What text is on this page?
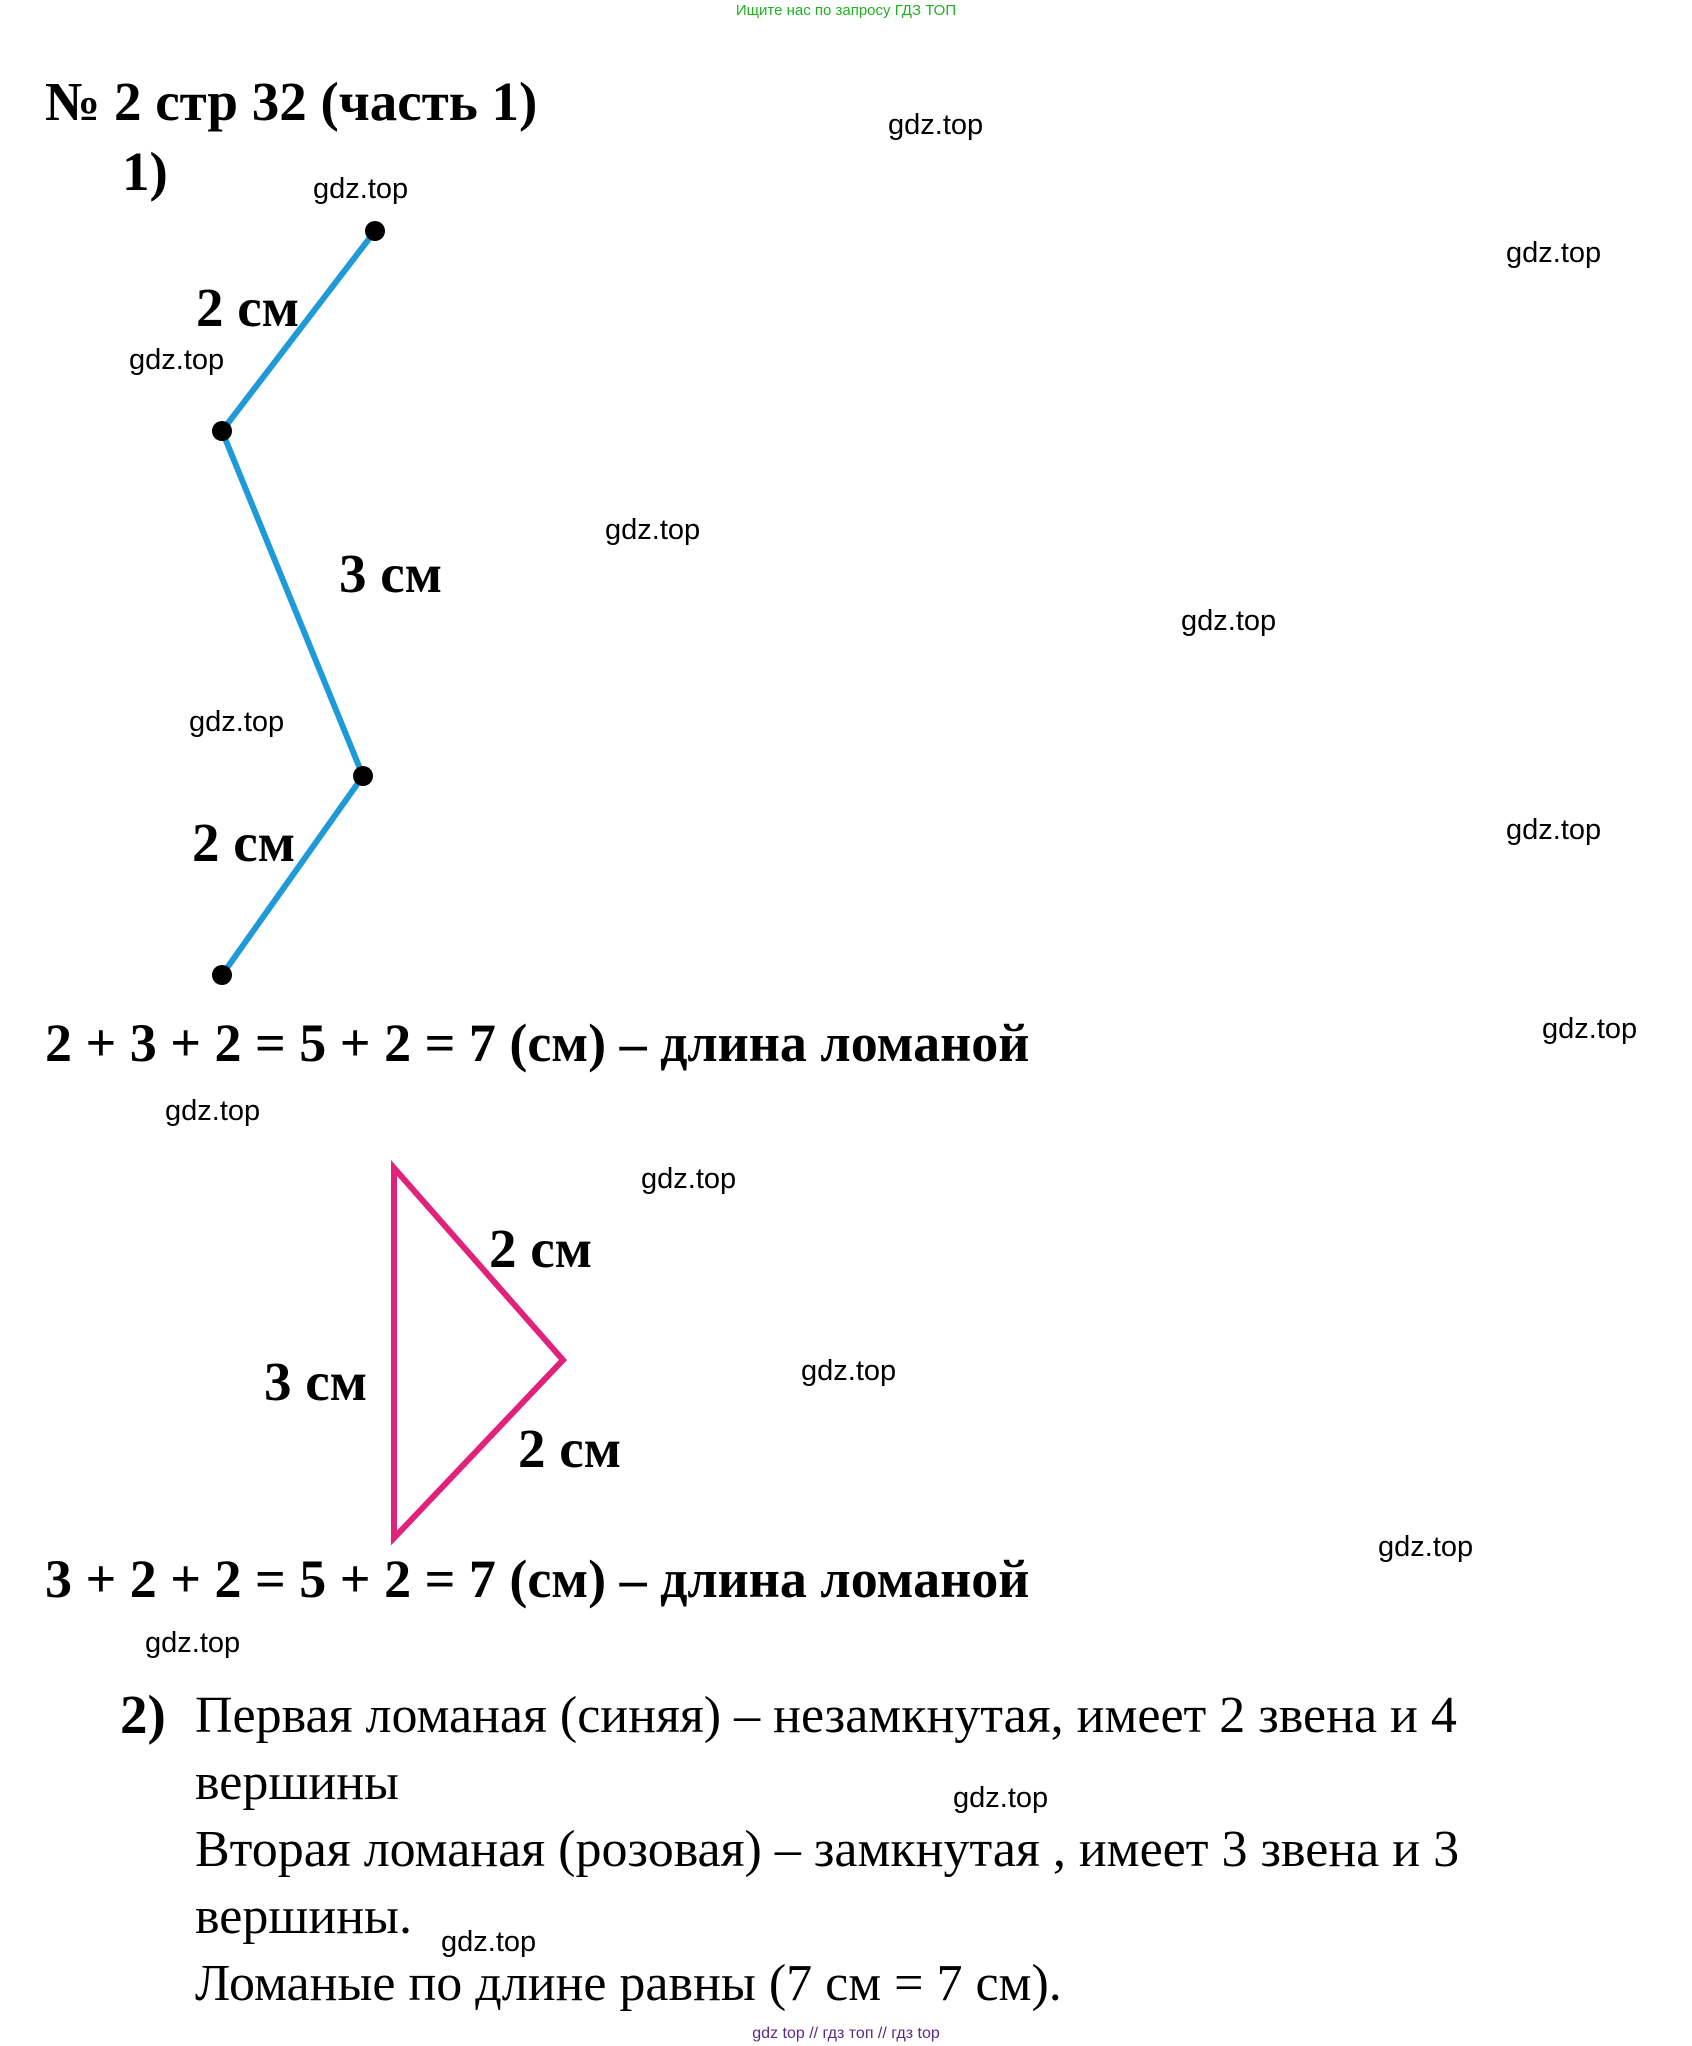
Ищите нас по запросу ГДЗ ТОП
№ 2 стр 32 (часть 1)
1)
2 см
3 см
2 см
2 + 3 + 2 = 5 + 2 = 7 (см) – длина ломаной
2 см
3 см
2 см
3 + 2 + 2 = 5 + 2 = 7 (см) – длина ломаной
2) Первая ломаная (синяя) – незамкнутая, имеет 2 звена и 4
вершины
Вторая ломаная (розовая) – замкнутая , имеет 3 звена и 3
вершины.
Ломаные по длине равны (7 см = 7 см).
gdz.top
gdz.top
gdz.top
gdz.top
gdz.top
gdz.top
gdz.top
gdz.top
gdz.top
gdz.top
gdz.top
gdz.top
gdz.top
gdz.top
gdz.top
gdz.top
gdz top // гдз топ // гдз top
